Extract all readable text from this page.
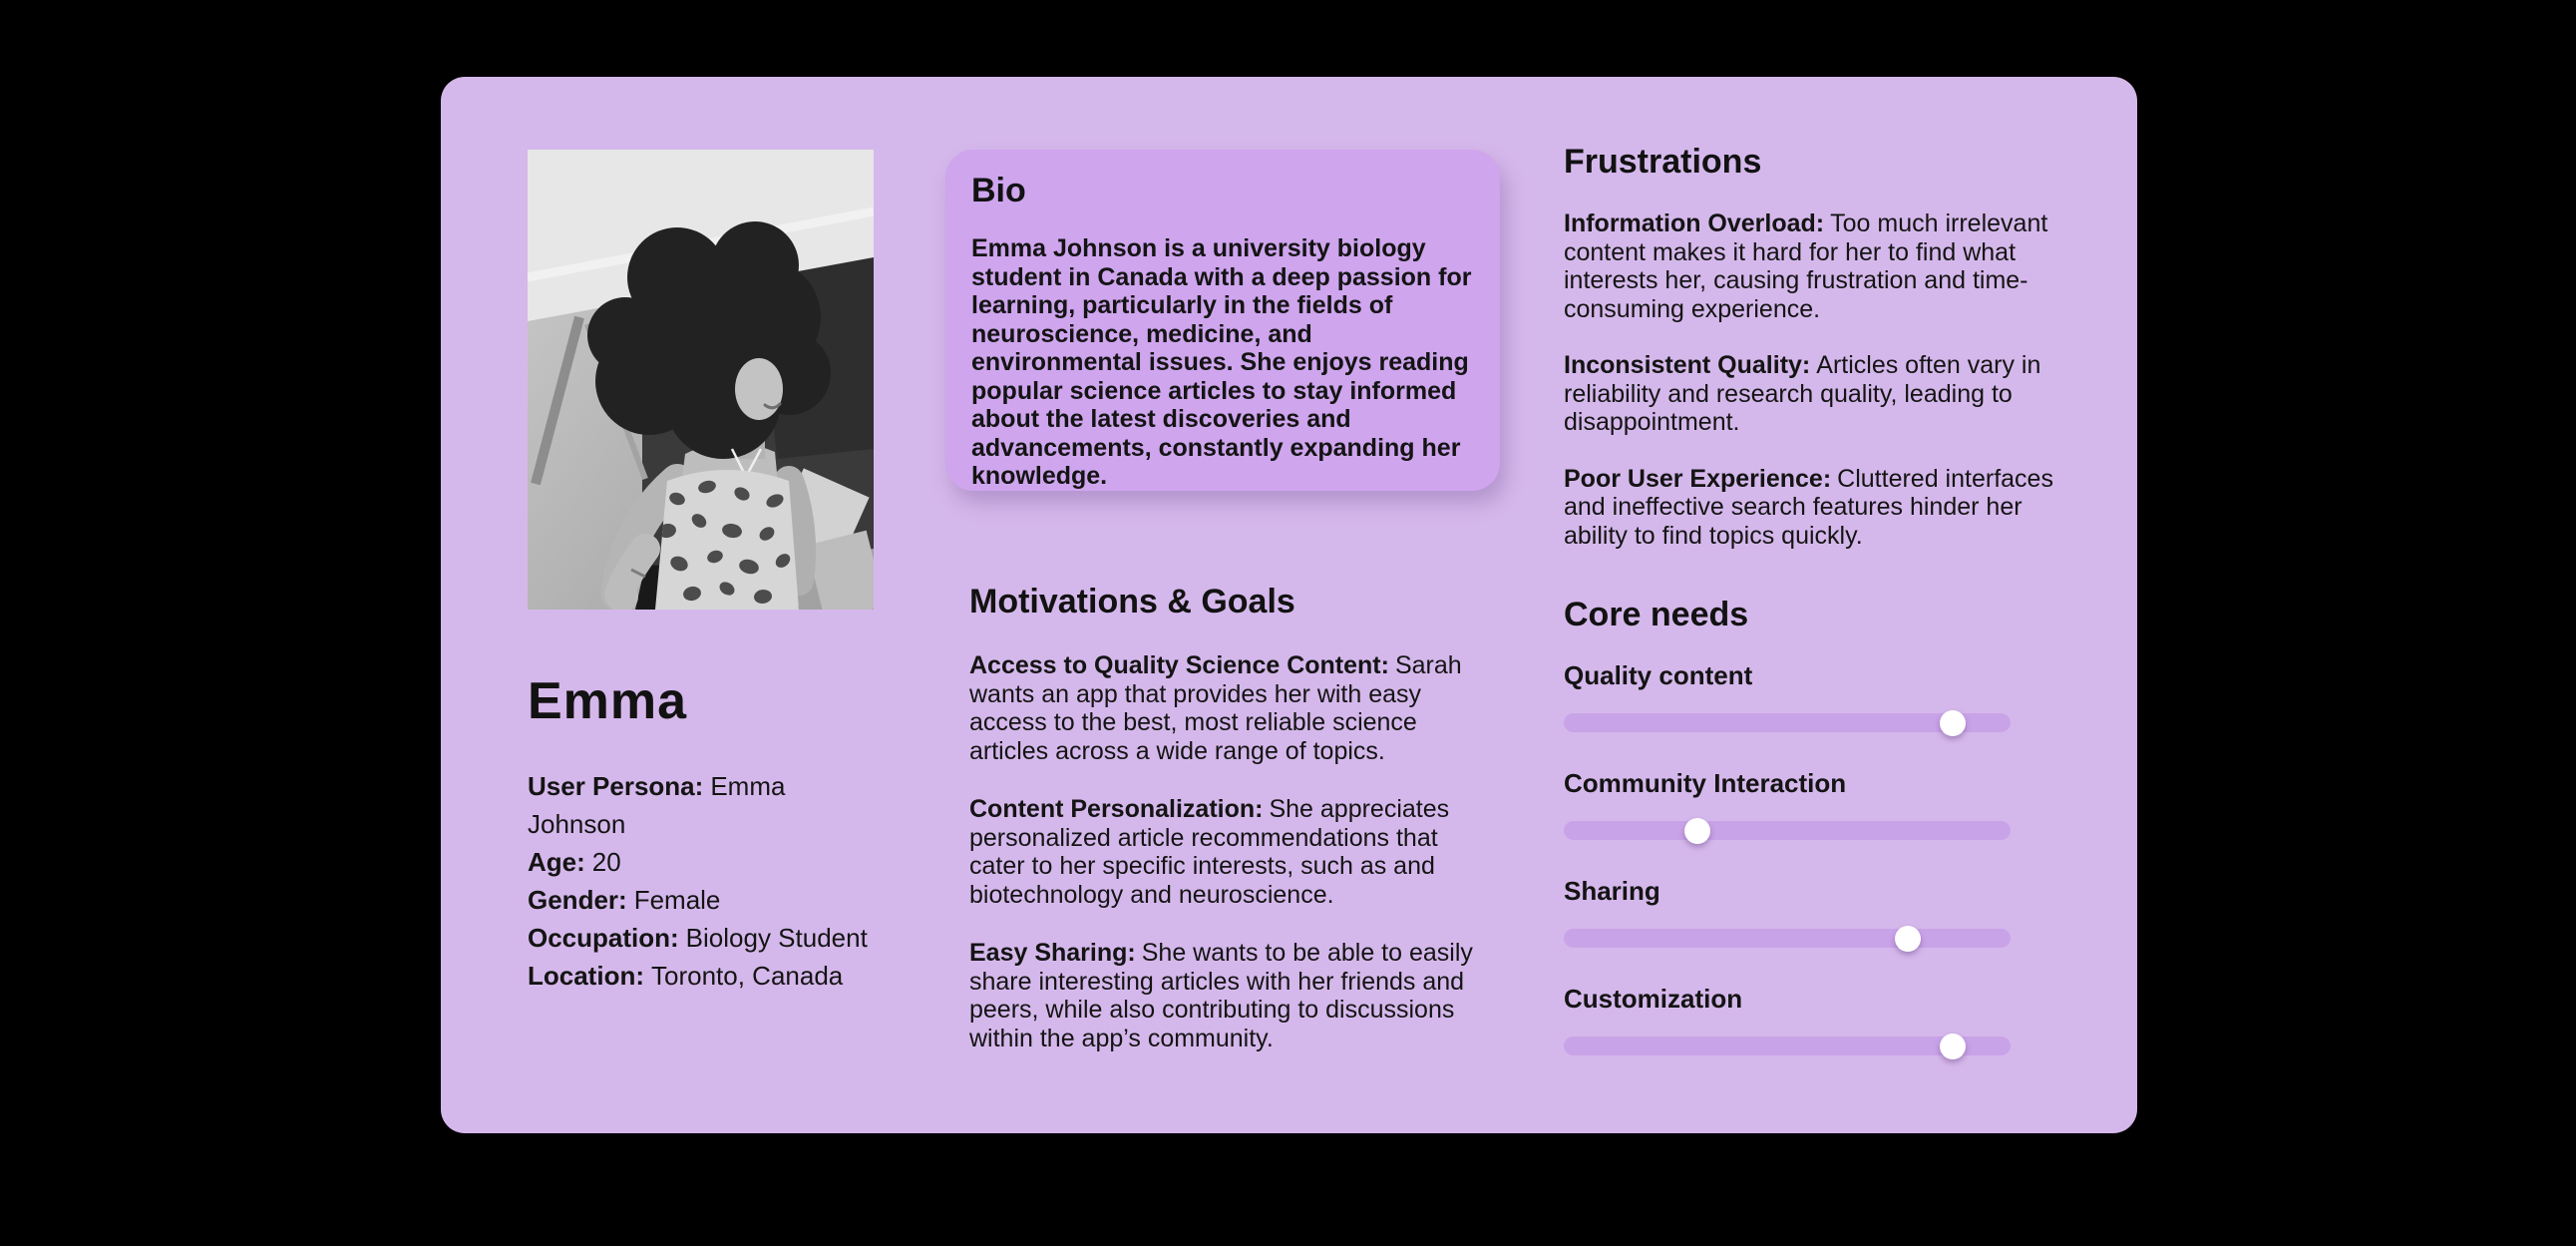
Emma
User Persona: Emma Johnson
Age: 20
Gender: Female
Occupation: Biology Student
Location: Toronto, Canada
Bio

Emma Johnson is a university biology student in Canada with a deep passion for learning, particularly in the fields of neuroscience, medicine, and environmental issues. She enjoys reading popular science articles to stay informed about the latest discoveries and advancements, constantly expanding her knowledge.

Motivations & Goals

Access to Quality Science Content: Sarah wants an app that provides her with easy access to the best, most reliable science articles across a wide range of topics.

Content Personalization: She appreciates personalized article recommendations that cater to her specific interests, such as and biotechnology and neuroscience.

Easy Sharing: She wants to be able to easily share interesting articles with her friends and peers, while also contributing to discussions within the app’s community.

Frustrations

Information Overload: Too much irrelevant content makes it hard for her to find what interests her, causing frustration and time-consuming experience.

Inconsistent Quality: Articles often vary in reliability and research quality, leading to disappointment.

Poor User Experience: Cluttered interfaces and ineffective search features hinder her ability to find topics quickly.

Core needs
Quality content
Community Interaction
Sharing
Customization
